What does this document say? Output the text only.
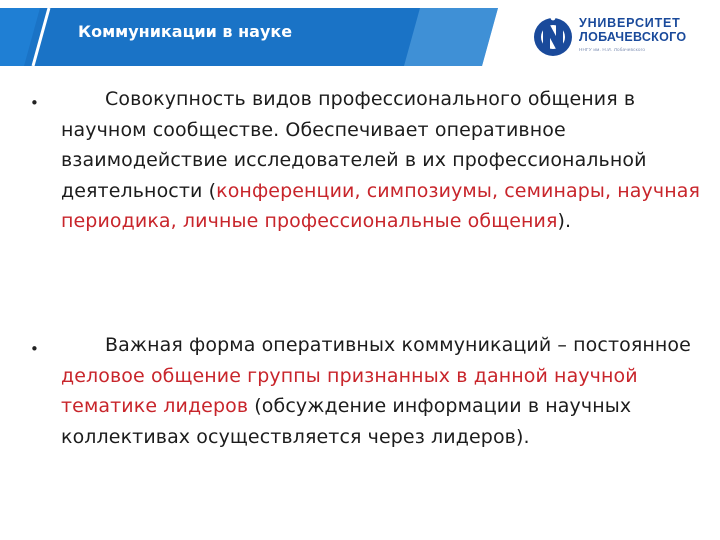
Коммуникации в науке	УНИВЕРСИТЕТ
ЛОБАЧЕВСКОГО
ННГУ им. Н.И. Лобачевского
•	Совокупность видов профессионального общения в научном сообществе. Обеспечивает оперативное взаимодействие исследователей в их профессиональной деятельности (конференции, симпозиумы, семинары, научная периодика, личные профессиональные общения).
•	Важная форма оперативных коммуникаций – постоянное деловое общение группы признанных в данной научной тематике лидеров (обсуждение информации в научных коллективах осуществляется через лидеров).
